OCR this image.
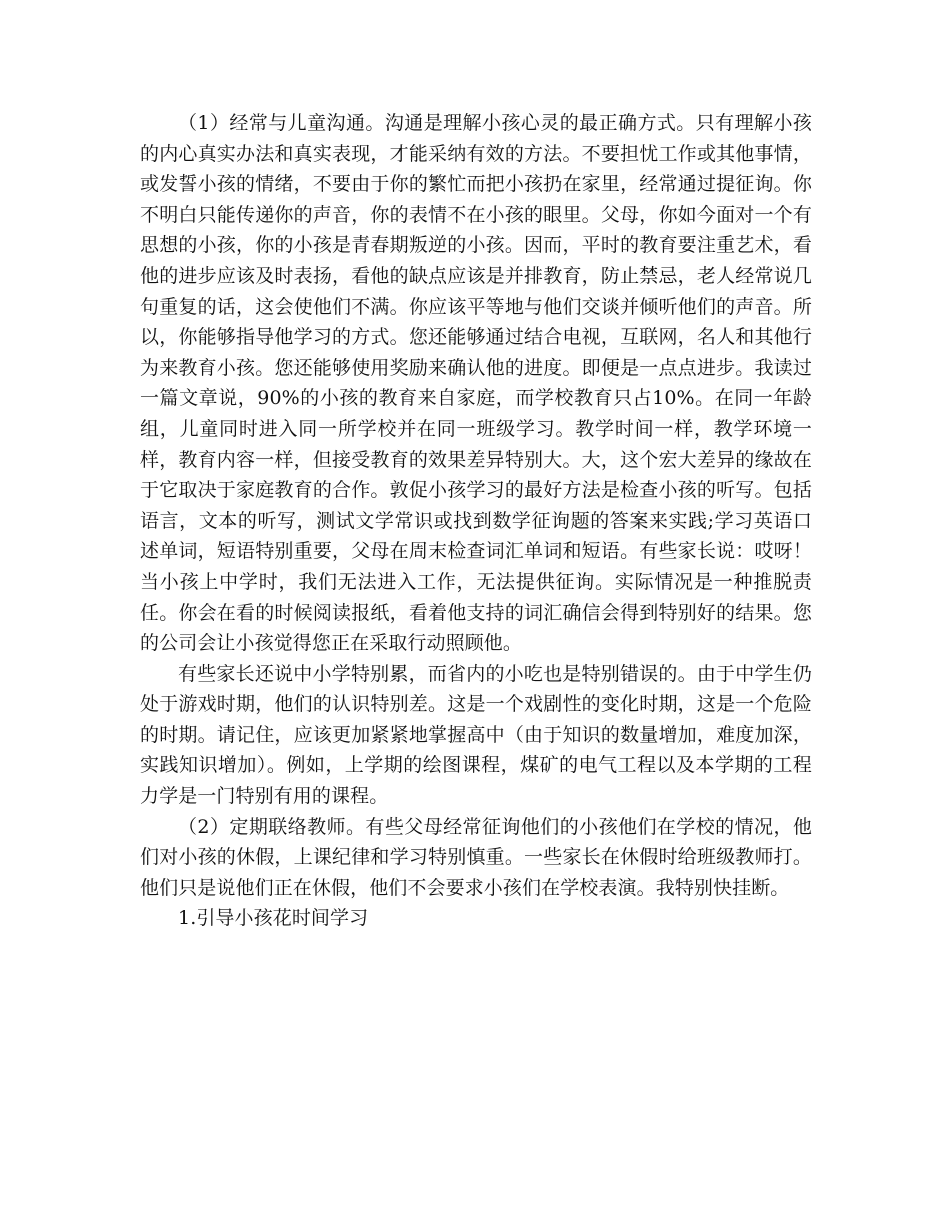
（1）经常与儿童沟通。沟通是理解小孩心灵的最正确方式。只有理解小孩的内心真实办法和真实表现，才能采纳有效的方法。不要担忧工作或其他事情，或发誓小孩的情绪，不要由于你的繁忙而把小孩扔在家里，经常通过提征询。你不明白只能传递你的声音，你的表情不在小孩的眼里。父母，你如今面对一个有思想的小孩，你的小孩是青春期叛逆的小孩。因而，平时的教育要注重艺术，看他的进步应该及时表扬，看他的缺点应该是并排教育，防止禁忌，老人经常说几句重复的话，这会使他们不满。你应该平等地与他们交谈并倾听他们的声音。所以，你能够指导他学习的方式。您还能够通过结合电视，互联网，名人和其他行为来教育小孩。您还能够使用奖励来确认他的进度。即便是一点点进步。我读过一篇文章说，90%的小孩的教育来自家庭，而学校教育只占10%。在同一年龄组，儿童同时进入同一所学校并在同一班级学习。教学时间一样，教学环境一样，教育内容一样，但接受教育的效果差异特别大。大，这个宏大差异的缘故在于它取决于家庭教育的合作。敦促小孩学习的最好方法是检查小孩的听写。包括语言，文本的听写，测试文学常识或找到数学征询题的答案来实践;学习英语口述单词，短语特别重要，父母在周末检查词汇单词和短语。有些家长说：哎呀！当小孩上中学时，我们无法进入工作，无法提供征询。实际情况是一种推脱责任。你会在看的时候阅读报纸，看着他支持的词汇确信会得到特别好的结果。您的公司会让小孩觉得您正在采取行动照顾他。

有些家长还说中小学特别累，而省内的小吃也是特别错误的。由于中学生仍处于游戏时期，他们的认识特别差。这是一个戏剧性的变化时期，这是一个危险的时期。请记住，应该更加紧紧地掌握高中（由于知识的数量增加，难度加深，实践知识增加）。例如，上学期的绘图课程，煤矿的电气工程以及本学期的工程力学是一门特别有用的课程。

（2）定期联络教师。有些父母经常征询他们的小孩他们在学校的情况，他们对小孩的休假，上课纪律和学习特别慎重。一些家长在休假时给班级教师打。他们只是说他们正在休假，他们不会要求小孩们在学校表演。我特别快挂断。

1.引导小孩花时间学习
